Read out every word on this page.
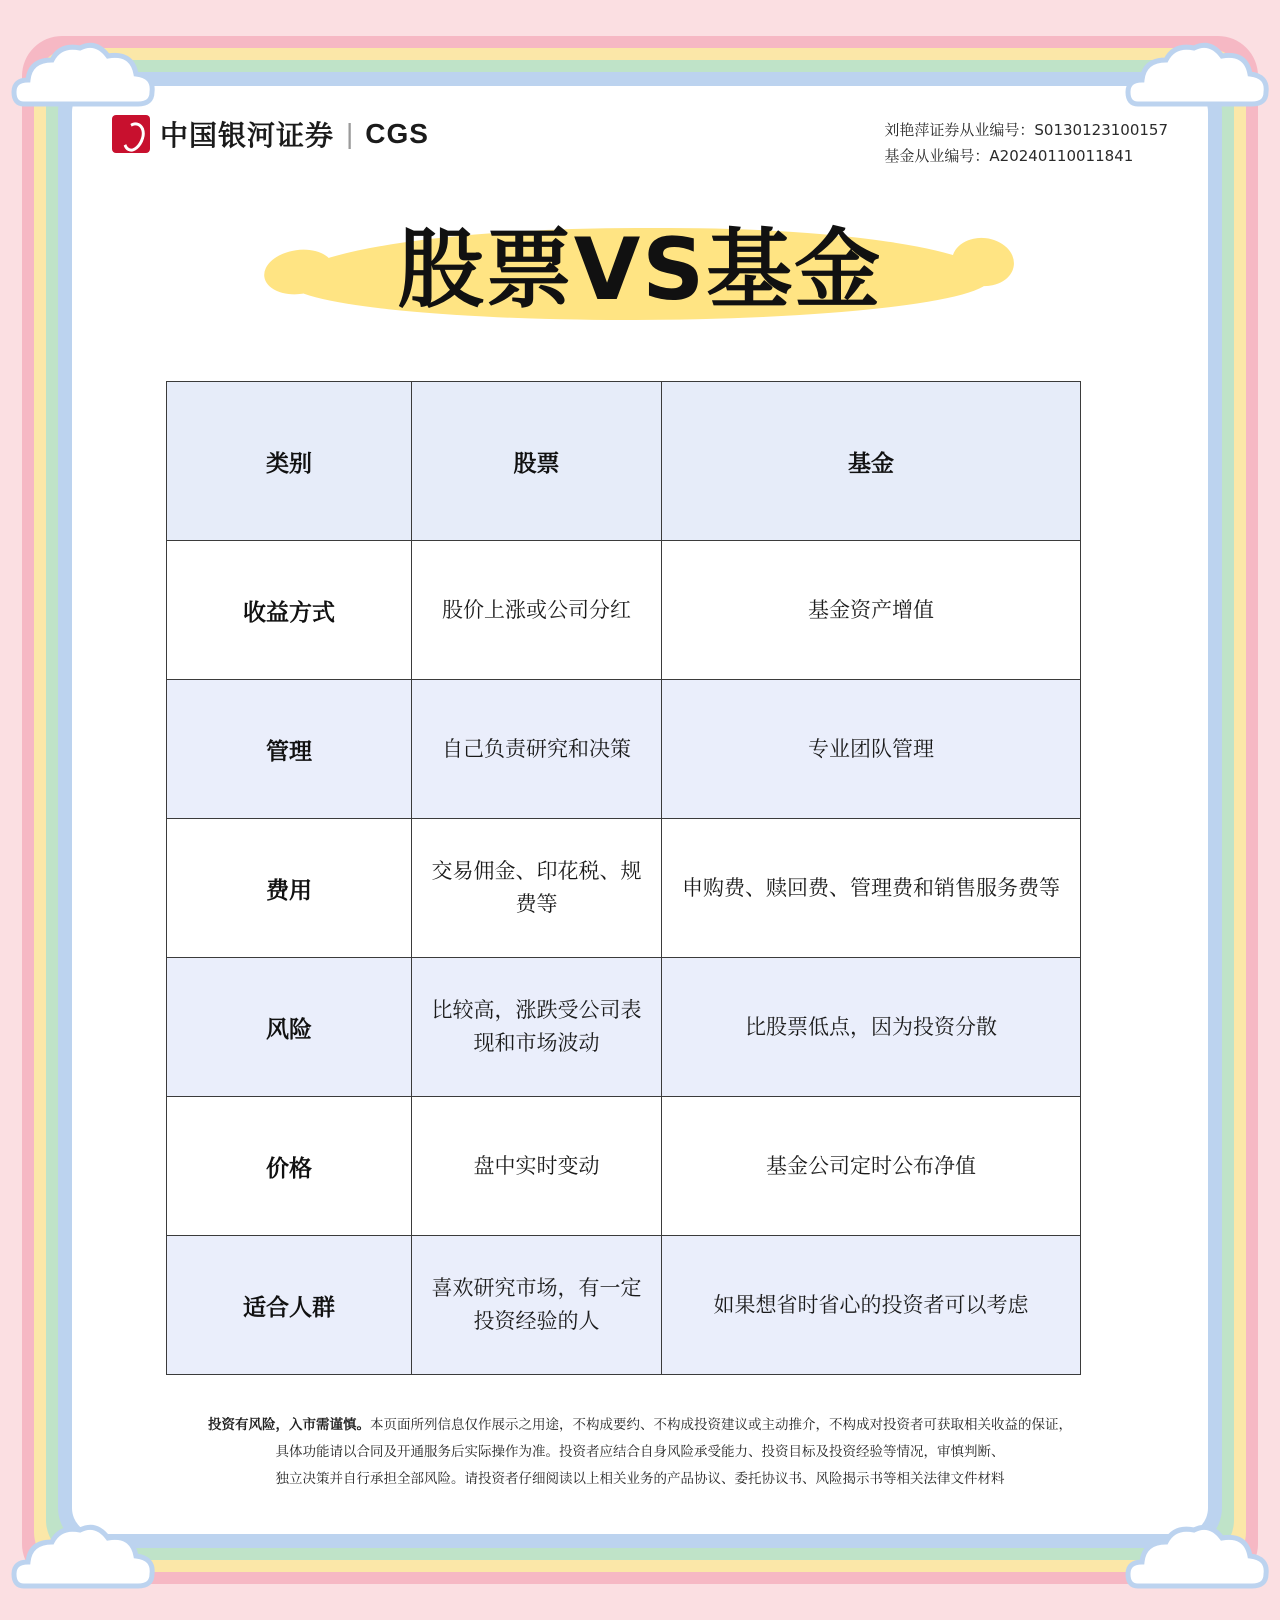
中国银河证券 | CGS	刘艳萍证券从业编号：S0130123100157
基金从业编号：A20240110011841
股票VS基金
类别	股票	基金
收益方式	股价上涨或公司分红	基金资产增值
管理	自己负责研究和决策	专业团队管理
费用	交易佣金、印花税、规费等	申购费、赎回费、管理费和销售服务费等
风险	比较高，涨跌受公司表现和市场波动	比股票低点，因为投资分散
价格	盘中实时变动	基金公司定时公布净值
适合人群	喜欢研究市场，有一定投资经验的人	如果想省时省心的投资者可以考虑
投资有风险，入市需谨慎。本页面所列信息仅作展示之用途，不构成要约、不构成投资建议或主动推介，不构成对投资者可获取相关收益的保证，
具体功能请以合同及开通服务后实际操作为准。投资者应结合自身风险承受能力、投资目标及投资经验等情况，审慎判断、
独立决策并自行承担全部风险。请投资者仔细阅读以上相关业务的产品协议、委托协议书、风险揭示书等相关法律文件材料
